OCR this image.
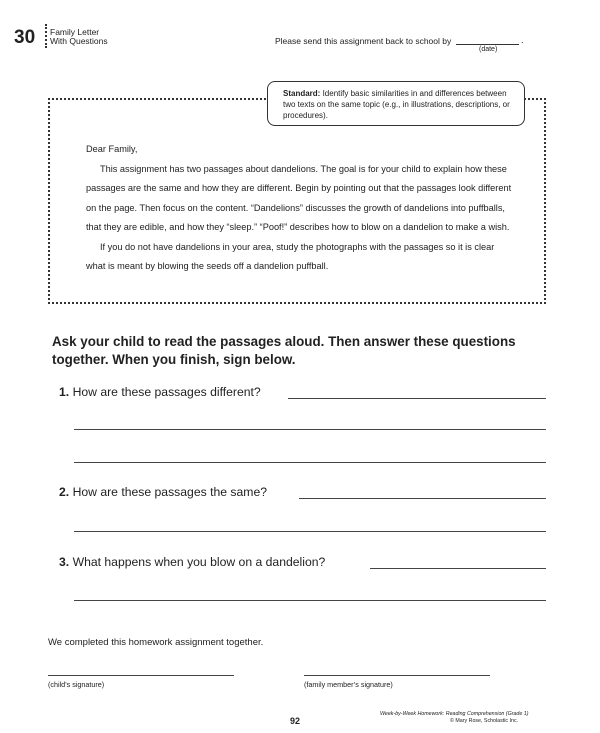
30 Family Letter
With Questions	Please send this assignment back to school by	.
(date)
Standard: Identify basic similarities in and differences between two texts on the same topic (e.g., in illustrations, descriptions, or procedures).

Dear Family,

This assignment has two passages about dandelions. The goal is for your child to explain how these passages are the same and how they are different. Begin by pointing out that the passages look different on the page. Then focus on the content. “Dandelions” discusses the growth of dandelions into puffballs, that they are edible, and how they “sleep.” “Poof!” describes how to blow on a dandelion to make a wish.

If you do not have dandelions in your area, study the photographs with the passages so it is clear what is meant by blowing the seeds off a dandelion puffball.

Ask your child to read the passages aloud. Then answer these questions together. When you finish, sign below.
1. How are these passages different?
2. How are these passages the same?
3. What happens when you blow on a dandelion?
We completed this homework assignment together.
(child’s signature)	(family member’s signature)
92
Week-by-Week Homework: Reading Comprehension (Grade 1)
© Mary Rose, Scholastic Inc.
